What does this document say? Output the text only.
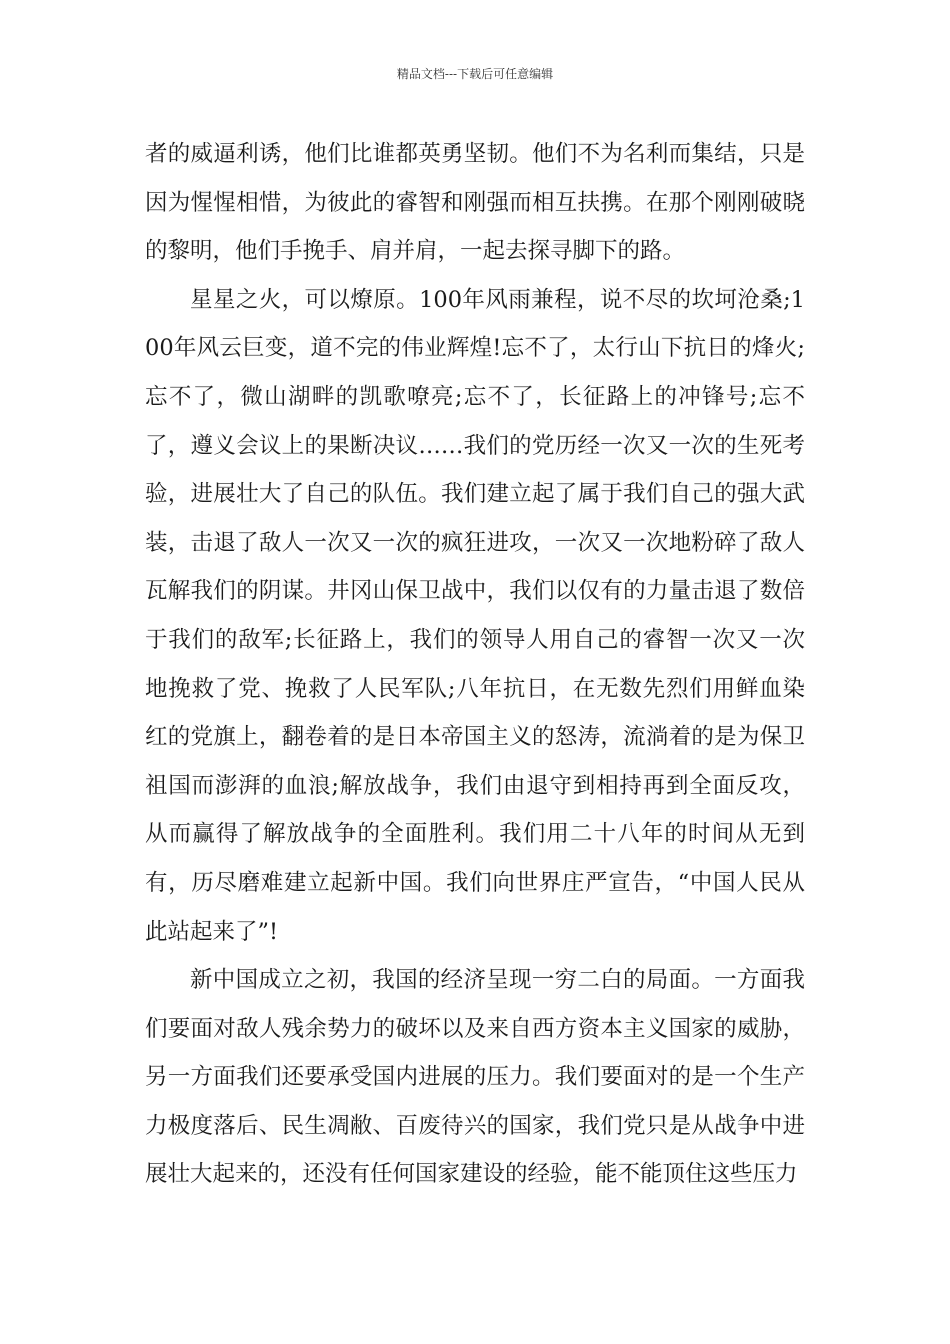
精品文档---下载后可任意编辑

者的威逼利诱，他们比谁都英勇坚韧。他们不为名利而集结，只是因为惺惺相惜，为彼此的睿智和刚强而相互扶携。在那个刚刚破晓的黎明，他们手挽手、肩并肩，一起去探寻脚下的路。

星星之火，可以燎原。100年风雨兼程，说不尽的坎坷沧桑;100年风云巨变，道不完的伟业辉煌!忘不了，太行山下抗日的烽火;忘不了，微山湖畔的凯歌嘹亮;忘不了，长征路上的冲锋号;忘不了，遵义会议上的果断决议……我们的党历经一次又一次的生死考验，进展壮大了自己的队伍。我们建立起了属于我们自己的强大武装，击退了敌人一次又一次的疯狂进攻，一次又一次地粉碎了敌人瓦解我们的阴谋。井冈山保卫战中，我们以仅有的力量击退了数倍于我们的敌军;长征路上，我们的领导人用自己的睿智一次又一次地挽救了党、挽救了人民军队;八年抗日，在无数先烈们用鲜血染红的党旗上，翻卷着的是日本帝国主义的怒涛，流淌着的是为保卫祖国而澎湃的血浪;解放战争，我们由退守到相持再到全面反攻，从而赢得了解放战争的全面胜利。我们用二十八年的时间从无到有，历尽磨难建立起新中国。我们向世界庄严宣告，“中国人民从此站起来了”!

新中国成立之初，我国的经济呈现一穷二白的局面。一方面我们要面对敌人残余势力的破坏以及来自西方资本主义国家的威胁，另一方面我们还要承受国内进展的压力。我们要面对的是一个生产力极度落后、民生凋敝、百废待兴的国家，我们党只是从战争中进展壮大起来的，还没有任何国家建设的经验，能不能顶住这些压力
